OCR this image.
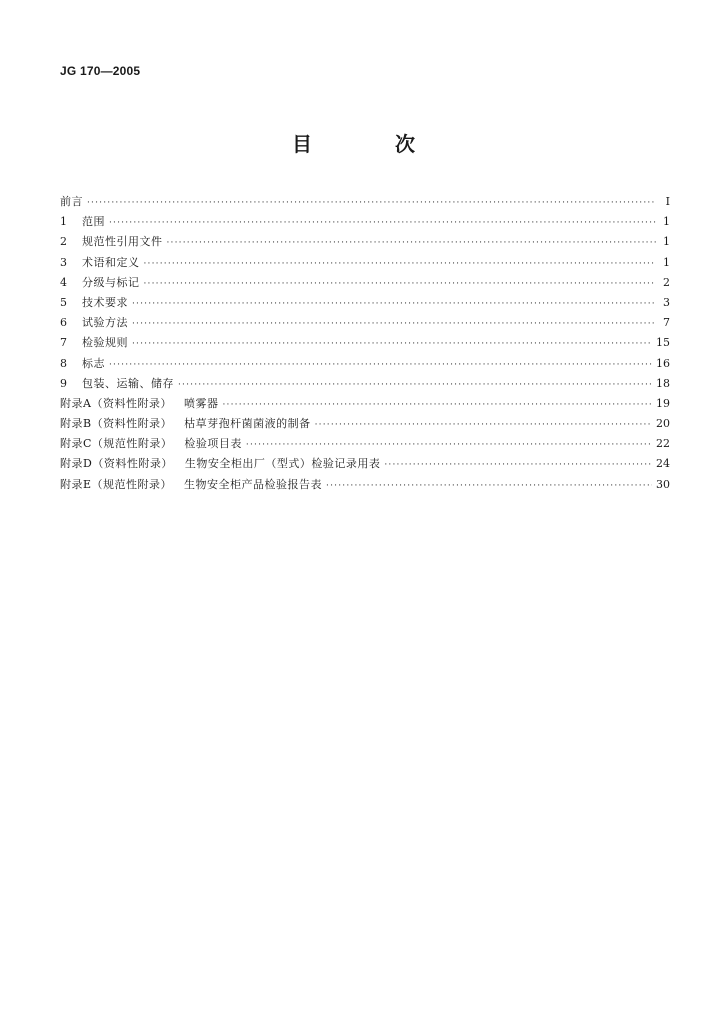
JG 170—2005
目 次
前言 ·····	Ⅰ
1	范围 ·····	1
2	规范性引用文件 ·····	1
3	术语和定义 ·····	1
4	分级与标记 ·····	2
5	技术要求 ·····	3
6	试验方法 ·····	7
7	检验规则 ·····	15
8	标志 ·····	16
9	包装、运输、储存 ·····	18
附录A（资料性附录） 喷雾器 ·····	19
附录B（资料性附录） 枯草芽孢杆菌菌液的制备 ·····	20
附录C（规范性附录） 检验项目表 ·····	22
附录D（资料性附录） 生物安全柜出厂（型式）检验记录用表 ·····	24
附录E（规范性附录） 生物安全柜产品检验报告表 ·····	30
